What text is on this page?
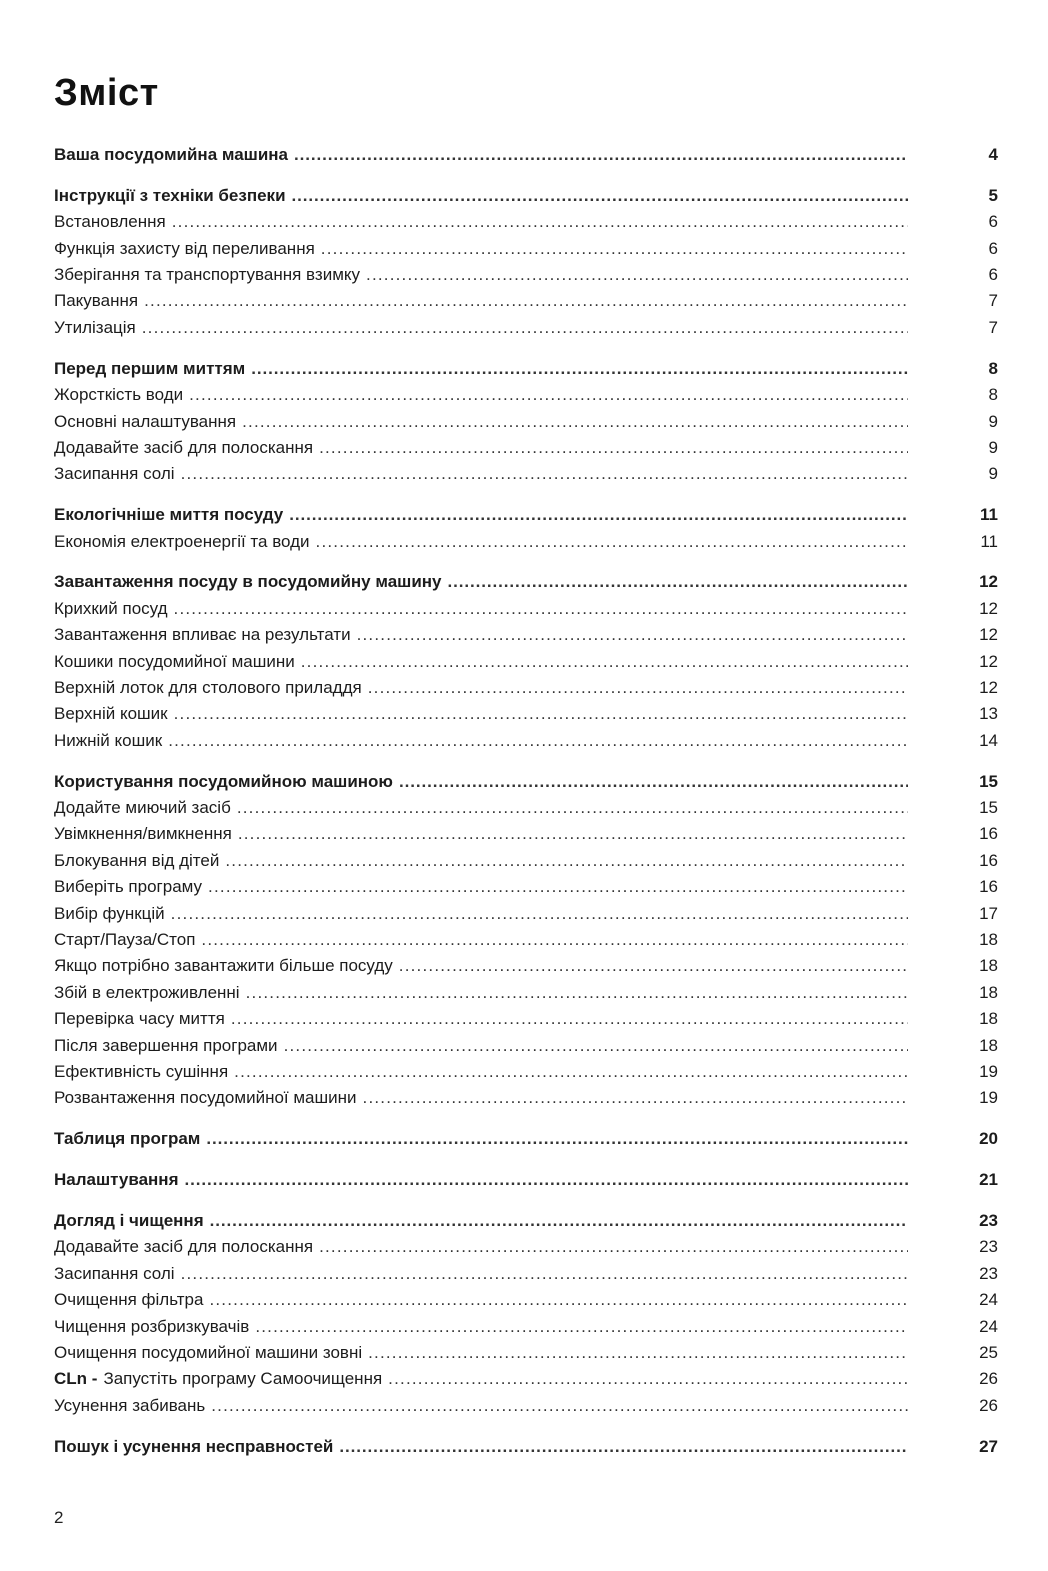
Зміст
Ваша посудомийна машина .....	4
Інструкції з техніки безпеки .....	5
Встановлення .....	6
Функція захисту від переливання .....	6
Зберігання та транспортування взимку .....	6
Пакування .....	7
Утилізація .....	7
Перед першим миттям .....	8
Жорсткість води .....	8
Основні налаштування .....	9
Додавайте засіб для полоскання .....	9
Засипання солі .....	9
Екологічніше миття посуду .....	11
Економія електроенергії та води .....	11
Завантаження посуду в посудомийну машину .....	12
Крихкий посуд .....	12
Завантаження впливає на результати .....	12
Кошики посудомийної машини .....	12
Верхній лоток для столового приладдя .....	12
Верхній кошик .....	13
Нижній кошик .....	14
Користування посудомийною машиною .....	15
Додайте миючий засіб .....	15
Увімкнення/вимкнення .....	16
Блокування від дітей .....	16
Виберіть програму .....	16
Вибір функцій .....	17
Старт/Пауза/Стоп .....	18
Якщо потрібно завантажити більше посуду .....	18
Збій в електроживленні .....	18
Перевірка часу миття .....	18
Після завершення програми .....	18
Ефективність сушіння .....	19
Розвантаження посудомийної машини .....	19
Таблиця програм .....	20
Налаштування .....	21
Догляд і чищення .....	23
Додавайте засіб для полоскання .....	23
Засипання солі .....	23
Очищення фільтра .....	24
Чищення розбризкувачів .....	24
Очищення посудомийної машини зовні .....	25
CLn - Запустіть програму Самоочищення .....	26
Усунення забивань .....	26
Пошук і усунення несправностей .....	27
2
